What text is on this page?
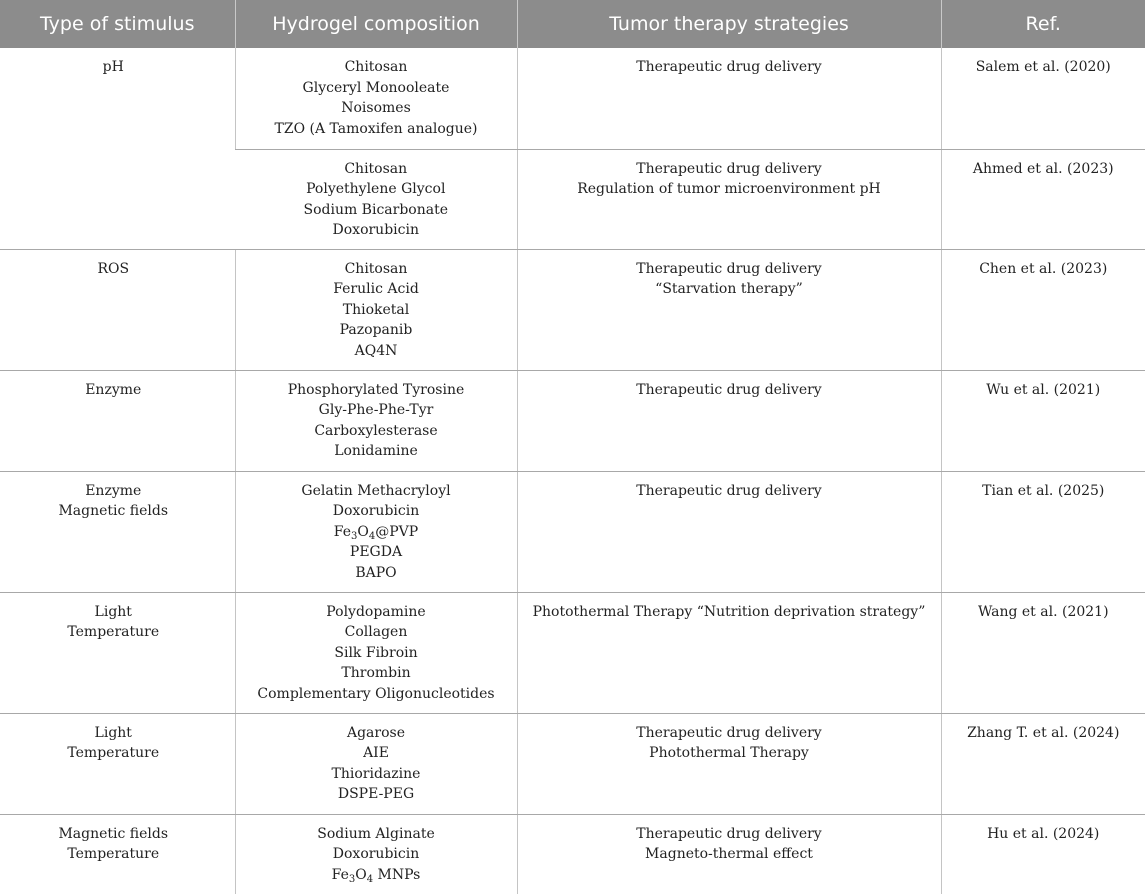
Type of stimulus	Hydrogel composition	Tumor therapy strategies	Ref.

pH	Chitosan
Glyceryl Monooleate
Noisomes
TZO (A Tamoxifen analogue)	Therapeutic drug delivery	Salem et al. (2020)

	Chitosan
Polyethylene Glycol
Sodium Bicarbonate
Doxorubicin	Therapeutic drug delivery
Regulation of tumor microenvironment pH	Ahmed et al. (2023)

ROS	Chitosan
Ferulic Acid
Thioketal
Pazopanib
AQ4N	Therapeutic drug delivery
“Starvation therapy”	Chen et al. (2023)

Enzyme	Phosphorylated Tyrosine
Gly-Phe-Phe-Tyr
Carboxylesterase
Lonidamine	Therapeutic drug delivery	Wu et al. (2021)

Enzyme
Magnetic fields	Gelatin Methacryloyl
Doxorubicin
$Fe_3O_4@PVP$
PEGDA
BAPO	Therapeutic drug delivery	Tian et al. (2025)

Light
Temperature	Polydopamine
Collagen
Silk Fibroin
Thrombin
Complementary Oligonucleotides	Photothermal Therapy “Nutrition deprivation strategy”	Wang et al. (2021)

Light
Temperature	Agarose
AIE
Thioridazine
DSPE-PEG	Therapeutic drug delivery
Photothermal Therapy	Zhang T. et al. (2024)

Magnetic fields
Temperature	Sodium Alginate
Doxorubicin
$Fe_3O_4$ MNPs	Therapeutic drug delivery
Magneto-thermal effect	Hu et al. (2024)
